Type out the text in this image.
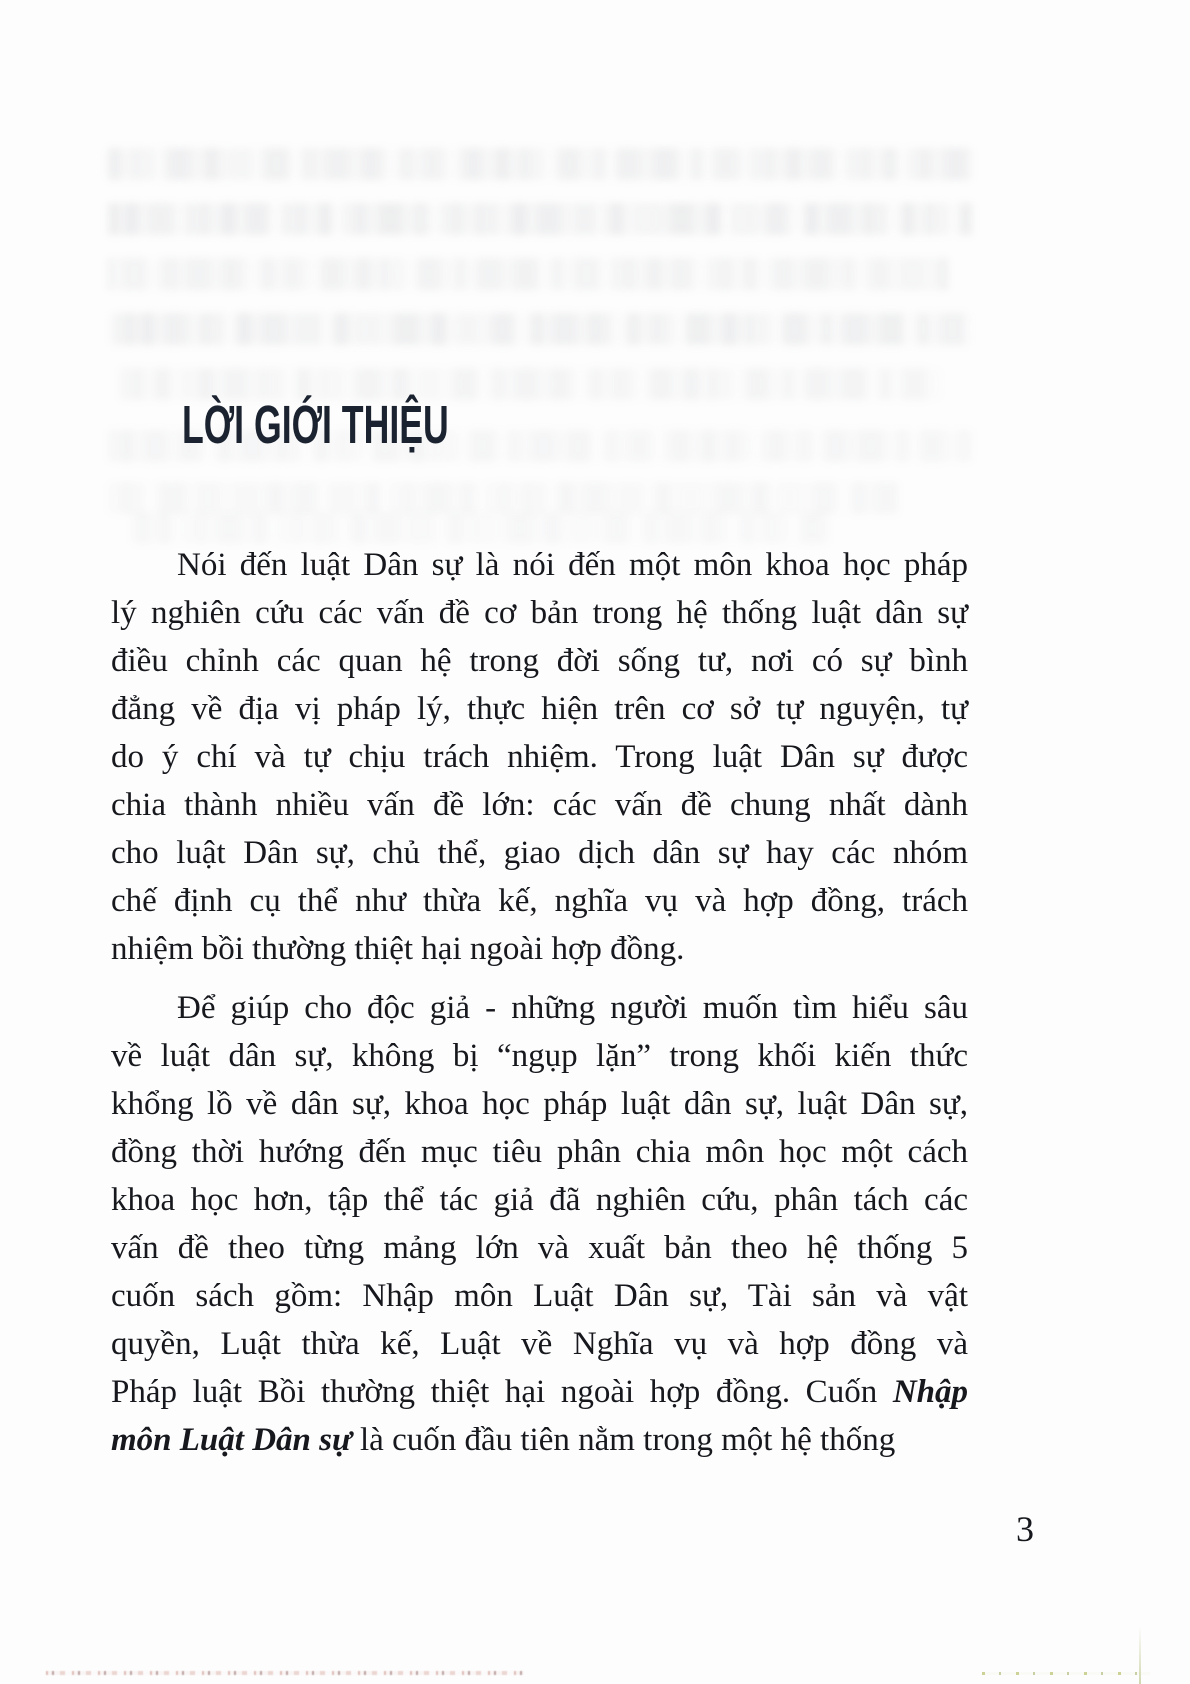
LỜI GIỚI THIỆU
Nói đến luật Dân sự là nói đến một môn khoa học pháp
lý nghiên cứu các vấn đề cơ bản trong hệ thống luật dân sự
điều chỉnh các quan hệ trong đời sống tư, nơi có sự bình
đẳng về địa vị pháp lý, thực hiện trên cơ sở tự nguyện, tự
do ý chí và tự chịu trách nhiệm. Trong luật Dân sự được
chia thành nhiều vấn đề lớn: các vấn đề chung nhất dành
cho luật Dân sự, chủ thể, giao dịch dân sự hay các nhóm
chế định cụ thể như thừa kế, nghĩa vụ và hợp đồng, trách
nhiệm bồi thường thiệt hại ngoài hợp đồng.
Để giúp cho độc giả - những người muốn tìm hiểu sâu
về luật dân sự, không bị “ngụp lặn” trong khối kiến thức
khổng lồ về dân sự, khoa học pháp luật dân sự, luật Dân sự,
đồng thời hướng đến mục tiêu phân chia môn học một cách
khoa học hơn, tập thể tác giả đã nghiên cứu, phân tách các
vấn đề theo từng mảng lớn và xuất bản theo hệ thống 5
cuốn sách gồm: Nhập môn Luật Dân sự, Tài sản và vật
quyền, Luật thừa kế, Luật về Nghĩa vụ và hợp đồng và
Pháp luật Bồi thường thiệt hại ngoài hợp đồng. Cuốn Nhập
môn Luật Dân sự là cuốn đầu tiên nằm trong một hệ thống
3
